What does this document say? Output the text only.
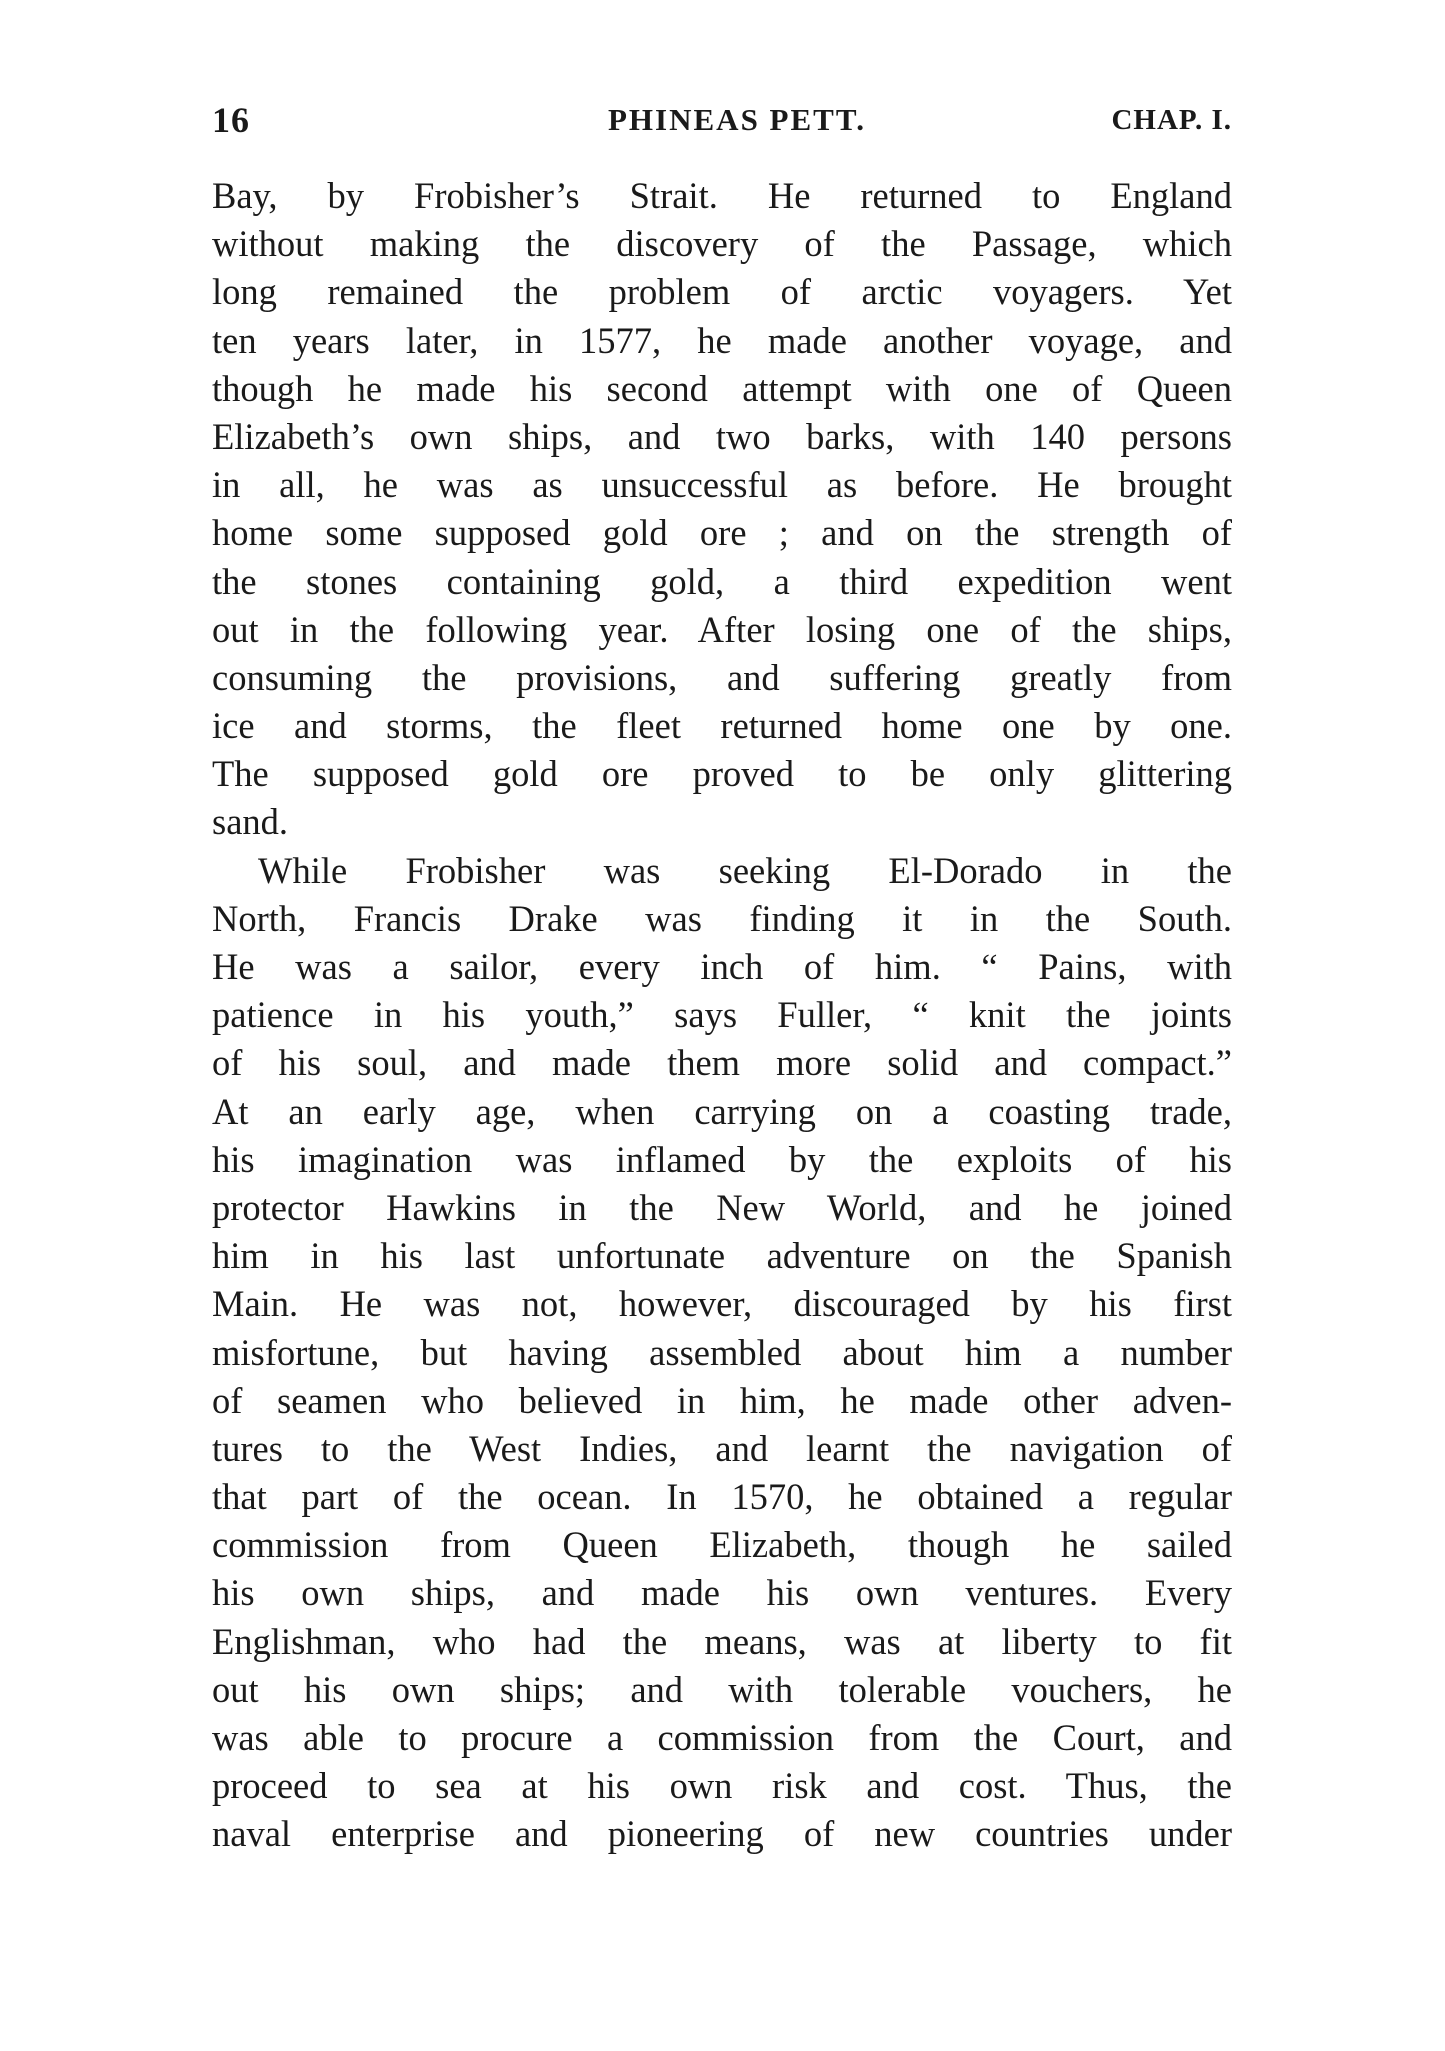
16	PHINEAS PETT.	CHAP. I.

Bay, by Frobisher’s Strait. He returned to England
without making the discovery of the Passage, which
long remained the problem of arctic voyagers. Yet
ten years later, in 1577, he made another voyage, and
though he made his second attempt with one of Queen
Elizabeth’s own ships, and two barks, with 140 persons
in all, he was as unsuccessful as before. He brought
home some supposed gold ore ; and on the strength of
the stones containing gold, a third expedition went
out in the following year. After losing one of the ships,
consuming the provisions, and suffering greatly from
ice and storms, the fleet returned home one by one.
The supposed gold ore proved to be only glittering
sand.

While Frobisher was seeking El-Dorado in the
North, Francis Drake was finding it in the South.
He was a sailor, every inch of him. “ Pains, with
patience in his youth,” says Fuller, “ knit the joints
of his soul, and made them more solid and compact.”
At an early age, when carrying on a coasting trade,
his imagination was inflamed by the exploits of his
protector Hawkins in the New World, and he joined
him in his last unfortunate adventure on the Spanish
Main. He was not, however, discouraged by his first
misfortune, but having assembled about him a number
of seamen who believed in him, he made other adven-
tures to the West Indies, and learnt the navigation of
that part of the ocean. In 1570, he obtained a regular
commission from Queen Elizabeth, though he sailed
his own ships, and made his own ventures. Every
Englishman, who had the means, was at liberty to fit
out his own ships; and with tolerable vouchers, he
was able to procure a commission from the Court, and
proceed to sea at his own risk and cost. Thus, the
naval enterprise and pioneering of new countries under
